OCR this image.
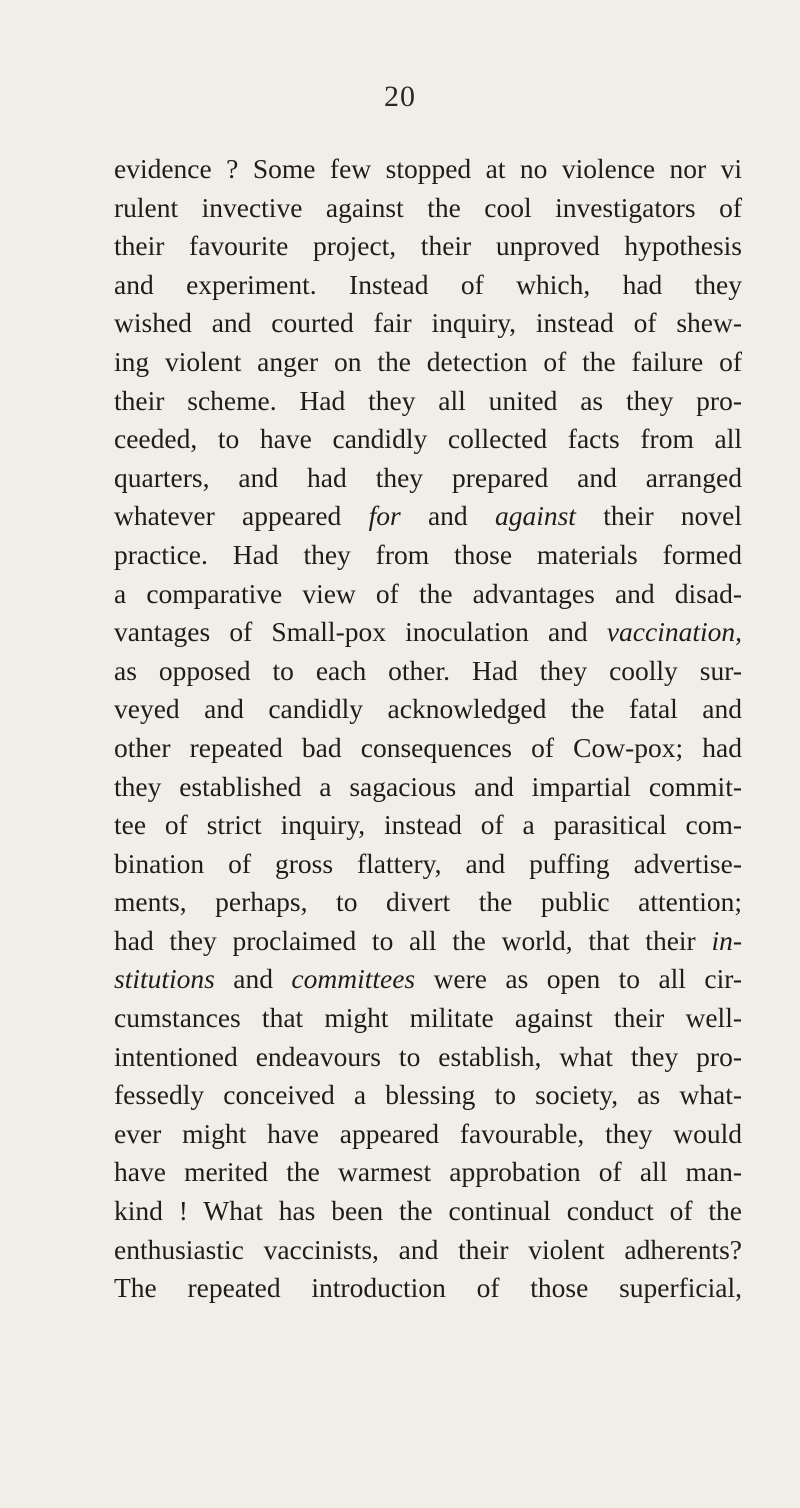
20
evidence ? Some few stopped at no violence nor vi
rulent invective against the cool investigators of
their favourite project, their unproved hypothesis
and experiment. Instead of which, had they
wished and courted fair inquiry, instead of shew-
ing violent anger on the detection of the failure of
their scheme. Had they all united as they pro-
ceeded, to have candidly collected facts from all
quarters, and had they prepared and arranged
whatever appeared for and against their novel
practice. Had they from those materials formed
a comparative view of the advantages and disad-
vantages of Small-pox inoculation and vaccination,
as opposed to each other. Had they coolly sur-
veyed and candidly acknowledged the fatal and
other repeated bad consequences of Cow-pox; had
they established a sagacious and impartial commit-
tee of strict inquiry, instead of a parasitical com-
bination of gross flattery, and puffing advertise-
ments, perhaps, to divert the public attention;
had they proclaimed to all the world, that their in-
stitutions and committees were as open to all cir-
cumstances that might militate against their well-
intentioned endeavours to establish, what they pro-
fessedly conceived a blessing to society, as what-
ever might have appeared favourable, they would
have merited the warmest approbation of all man-
kind ! What has been the continual conduct of the
enthusiastic vaccinists, and their violent adherents?
The repeated introduction of those superficial,
